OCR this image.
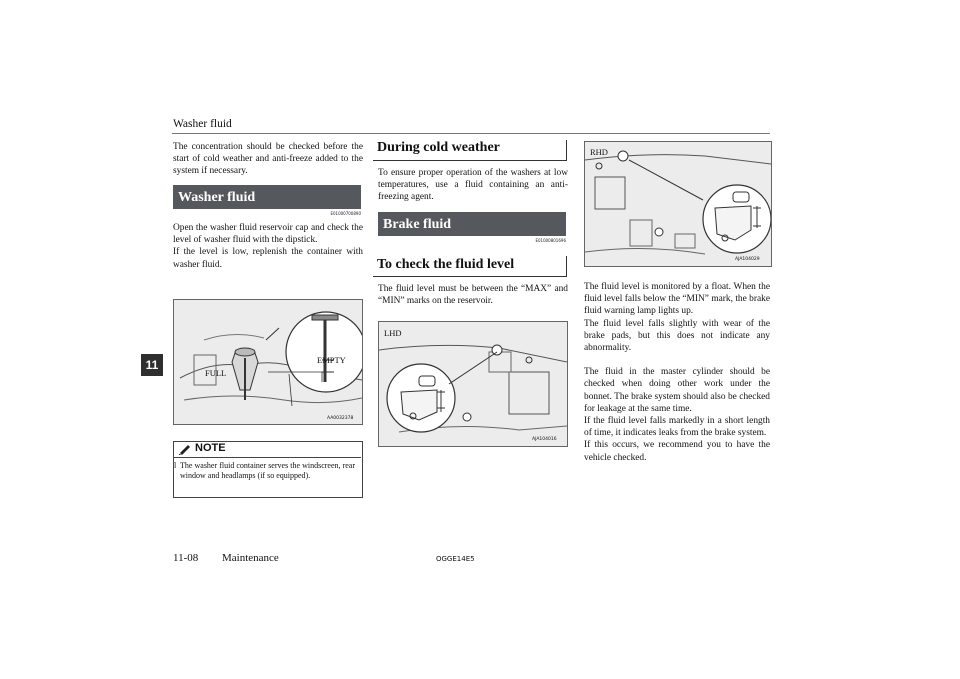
Washer fluid

The concentration should be checked before the start of cold weather and anti-freeze added to the system if necessary.

Washer fluid
E01000700890

Open the washer fluid reservoir cap and check the level of washer fluid with the dipstick.

If the level is low, replenish the container with washer fluid.

FULL
EMPTY
AA0032378
NOTE
l The washer fluid container serves the windscreen, rear window and headlamps (if so equipped).
During cold weather

To ensure proper operation of the washers at low temperatures, use a fluid containing an anti-freezing agent.

Brake fluid
E01000801696
To check the fluid level

The fluid level must be between the “MAX” and “MIN” marks on the reservoir.

LHD
AJA104016
RHD
AJA104029

The fluid level is monitored by a float. When the fluid level falls below the “MIN” mark, the brake fluid warning lamp lights up.

The fluid level falls slightly with wear of the brake pads, but this does not indicate any abnormality.

The fluid in the master cylinder should be checked when doing other work under the bonnet. The brake system should also be checked for leakage at the same time.

If the fluid level falls markedly in a short length of time, it indicates leaks from the brake system.

If this occurs, we recommend you to have the vehicle checked.

11
11-08 Maintenance	OGGE14E5
